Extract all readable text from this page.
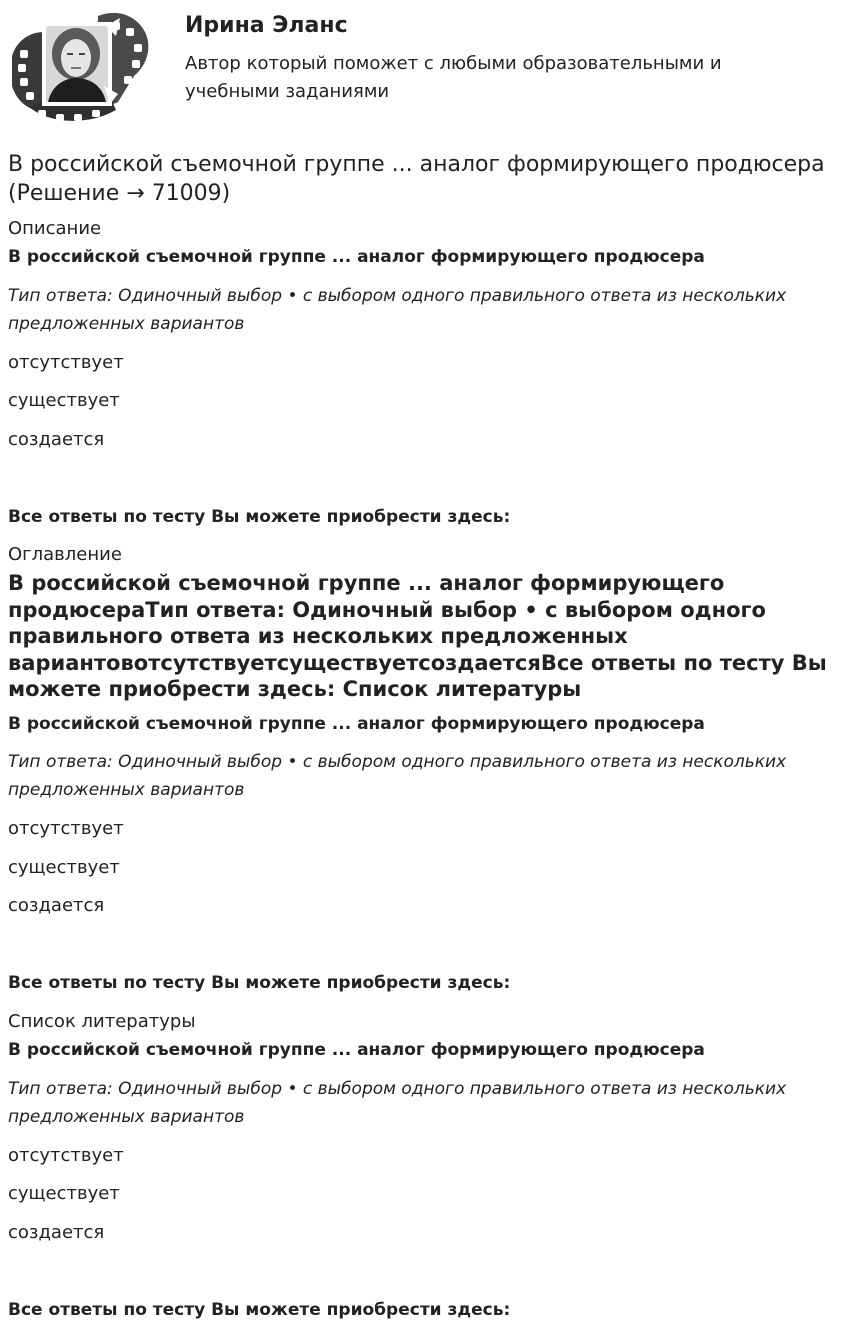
Ирина Эланс
Автор который поможет с любыми образовательными и учебными заданиями
В российской съемочной группе ... аналог формирующего продюсера (Решение → 71009)
Описание
В российской съемочной группе ... аналог формирующего продюсера
Тип ответа: Одиночный выбор • с выбором одного правильного ответа из нескольких предложенных вариантов
отсутствует
существует
создается
Все ответы по тесту Вы можете приобрести здесь:
Оглавление
В российской съемочной группе ... аналог формирующего продюсераТип ответа: Одиночный выбор • с выбором одного правильного ответа из нескольких предложенных вариантовотсутствуетсуществуетсоздаетсяВсе ответы по тесту Вы можете приобрести здесь: Список литературы
В российской съемочной группе ... аналог формирующего продюсера
Тип ответа: Одиночный выбор • с выбором одного правильного ответа из нескольких предложенных вариантов
отсутствует
существует
создается
Все ответы по тесту Вы можете приобрести здесь:
Список литературы
В российской съемочной группе ... аналог формирующего продюсера
Тип ответа: Одиночный выбор • с выбором одного правильного ответа из нескольких предложенных вариантов
отсутствует
существует
создается
Все ответы по тесту Вы можете приобрести здесь:
